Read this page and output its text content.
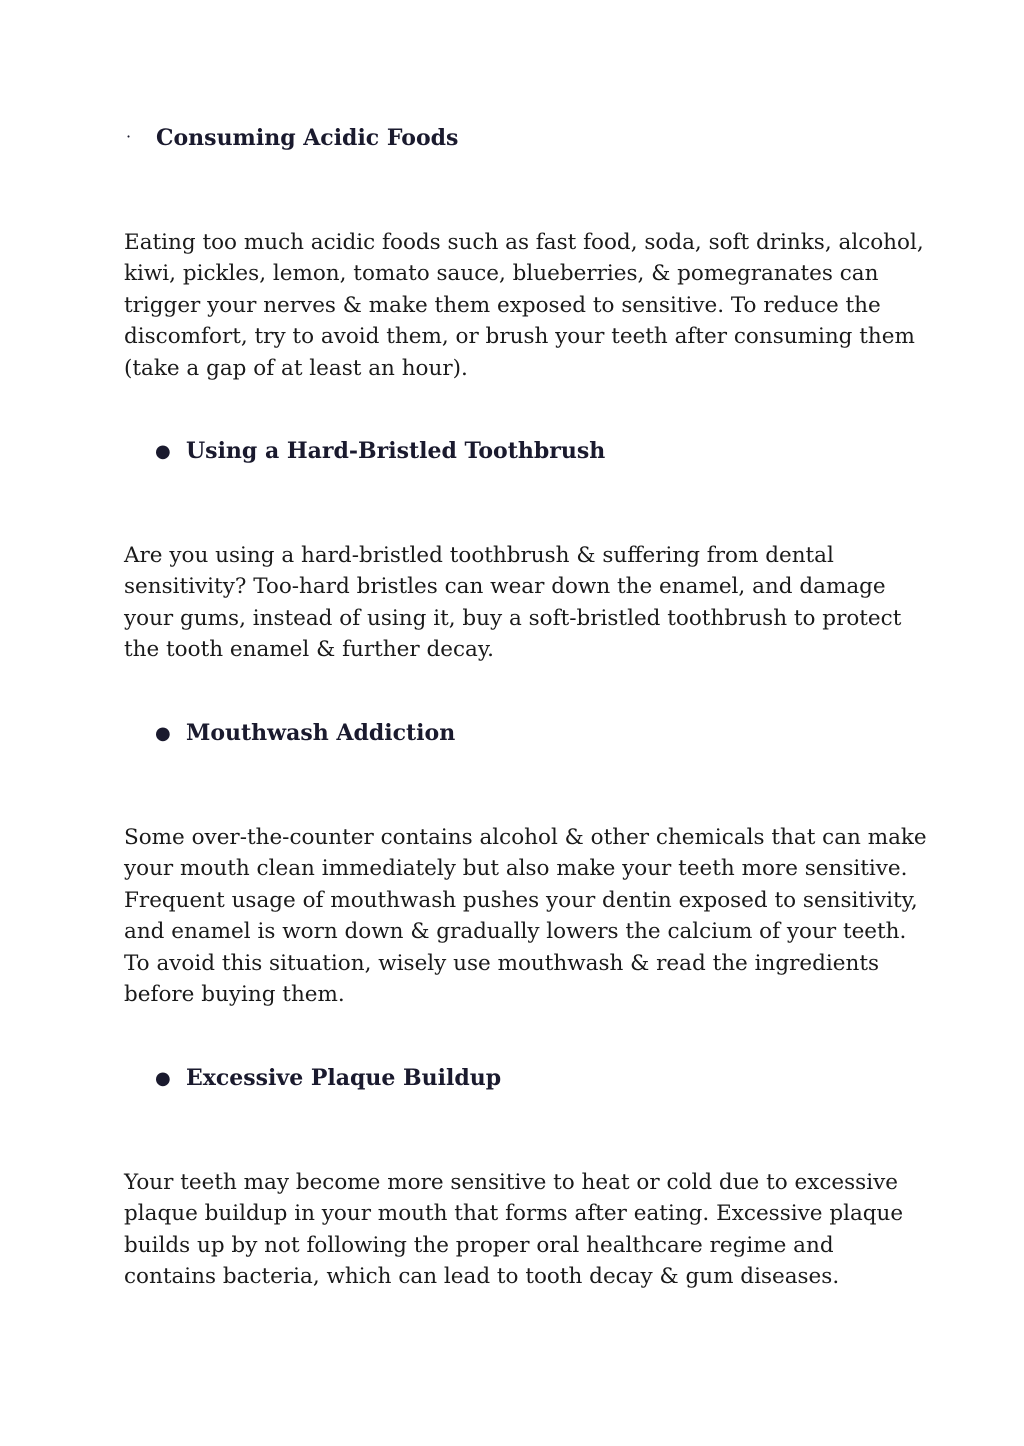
· Consuming Acidic Foods
Eating too much acidic foods such as fast food, soda, soft drinks, alcohol,
kiwi, pickles, lemon, tomato sauce, blueberries, & pomegranates can
trigger your nerves & make them exposed to sensitive. To reduce the
discomfort, try to avoid them, or brush your teeth after consuming them
(take a gap of at least an hour).
● Using a Hard-Bristled Toothbrush
Are you using a hard-bristled toothbrush & suffering from dental
sensitivity? Too-hard bristles can wear down the enamel, and damage
your gums, instead of using it, buy a soft-bristled toothbrush to protect
the tooth enamel & further decay.
● Mouthwash Addiction
Some over-the-counter contains alcohol & other chemicals that can make
your mouth clean immediately but also make your teeth more sensitive.
Frequent usage of mouthwash pushes your dentin exposed to sensitivity,
and enamel is worn down & gradually lowers the calcium of your teeth.
To avoid this situation, wisely use mouthwash & read the ingredients
before buying them.
● Excessive Plaque Buildup
Your teeth may become more sensitive to heat or cold due to excessive
plaque buildup in your mouth that forms after eating. Excessive plaque
builds up by not following the proper oral healthcare regime and
contains bacteria, which can lead to tooth decay & gum diseases.
